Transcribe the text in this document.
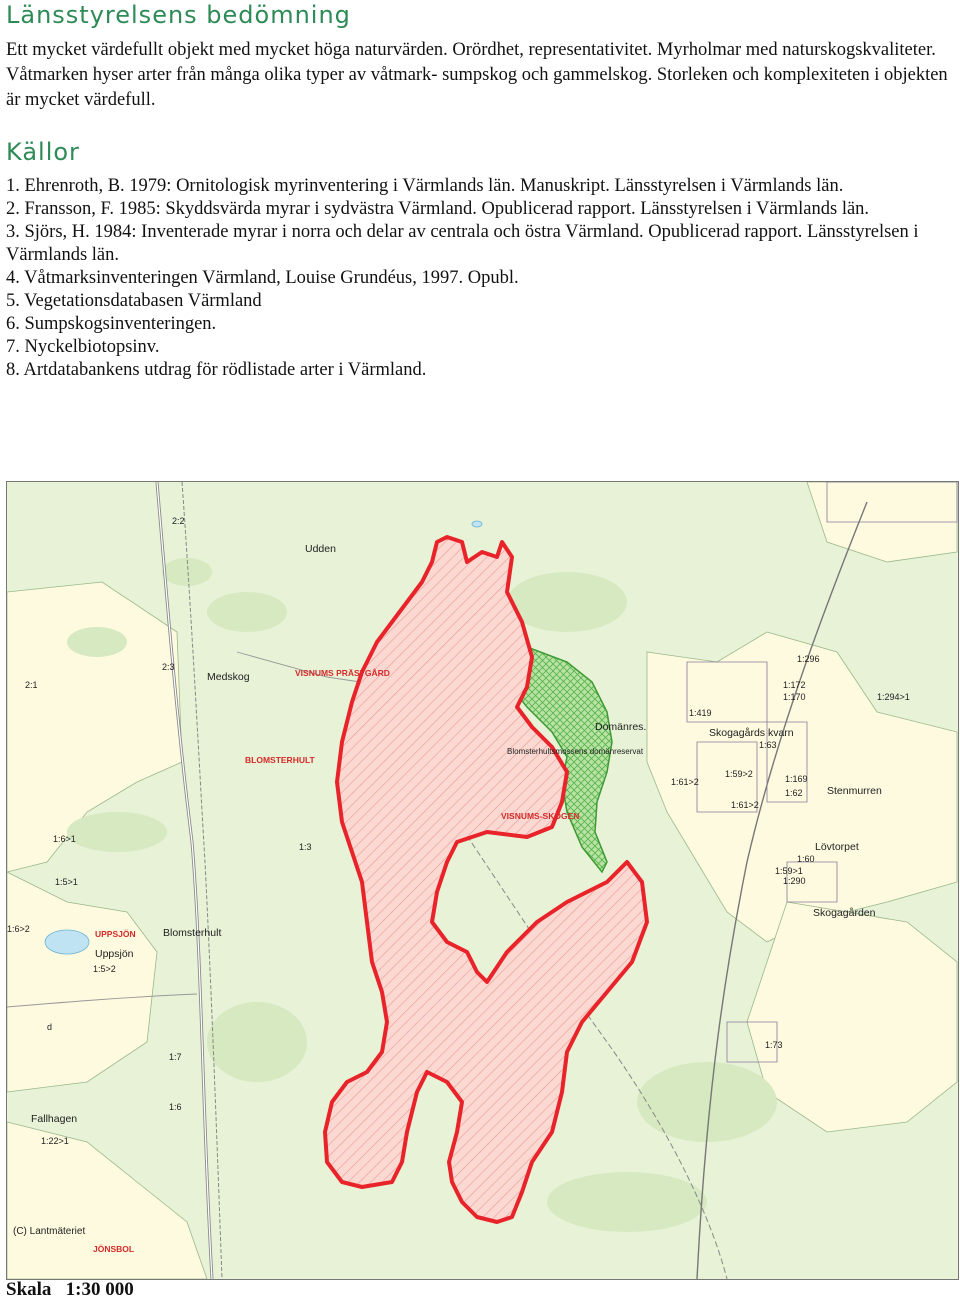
Länsstyrelsens bedömning

Ett mycket värdefullt objekt med mycket höga naturvärden. Orördhet, representativitet. Myrholmar med naturskogskvaliteter. Våtmarken hyser arter från många olika typer av våtmark- sumpskog och gammelskog. Storleken och komplexiteten i objekten är mycket värdefull.

Källor
1. Ehrenroth, B. 1979: Ornitologisk myrinventering i Värmlands län. Manuskript. Länsstyrelsen i Värmlands län.
2. Fransson, F. 1985: Skyddsvärda myrar i sydvästra Värmland. Opublicerad rapport. Länsstyrelsen i Värmlands län.
3. Sjörs, H. 1984: Inventerade myrar i norra och delar av centrala och östra Värmland. Opublicerad rapport. Länsstyrelsen i Värmlands län.
4. Våtmarksinventeringen Värmland, Louise Grundéus, 1997. Opubl.
5. Vegetationsdatabasen Värmland
6. Sumpskogsinventeringen.
7. Nyckelbiotopsinv.
8. Artdatabankens utdrag för rödlistade arter i Värmland.
Udden
Medskog
Uppsjön
Blomsterhult
Fallhagen
Domänres.	Skogagårds kvarn
Stenmurren
Lövtorpet
Skogagården
Blomsterhultsmossens domänreservat
VISNUMS PRÄSTGÅRD
BLOMSTERHULT
VISNUMS-SKOGEN
UPPSJÖN
JÖNSBOL
2:2
2:3
2:1
1:3
1:6>1
1:5>1
1:6>2
1:5>2
d
1:7
1:6
1:22>1
1:296
1:172
1:170	1:294>1
1:419
1:63
1:59>2
1:61>2	1:169
1:62
1:61>2
1:60
1:59>1
1:290
1:73
(C) Lantmäteriet
Skala 1:30 000
